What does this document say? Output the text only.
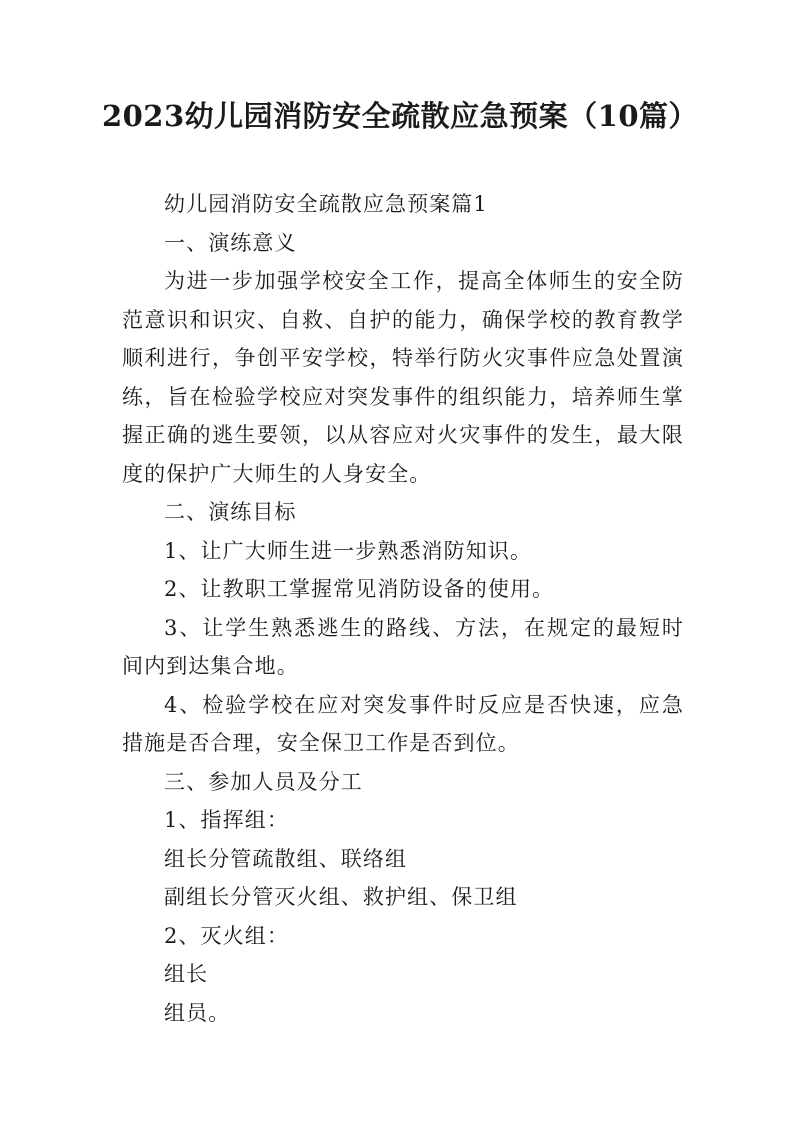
2023幼儿园消防安全疏散应急预案（10篇）

幼儿园消防安全疏散应急预案篇1

一、演练意义

为进一步加强学校安全工作，提高全体师生的安全防范意识和识灾、自救、自护的能力，确保学校的教育教学顺利进行，争创平安学校，特举行防火灾事件应急处置演练，旨在检验学校应对突发事件的组织能力，培养师生掌握正确的逃生要领，以从容应对火灾事件的发生，最大限度的保护广大师生的人身安全。

二、演练目标

1、让广大师生进一步熟悉消防知识。

2、让教职工掌握常见消防设备的使用。

3、让学生熟悉逃生的路线、方法，在规定的最短时间内到达集合地。

4、检验学校在应对突发事件时反应是否快速，应急措施是否合理，安全保卫工作是否到位。

三、参加人员及分工

1、指挥组：

组长分管疏散组、联络组

副组长分管灭火组、救护组、保卫组

2、灭火组：

组长

组员。
